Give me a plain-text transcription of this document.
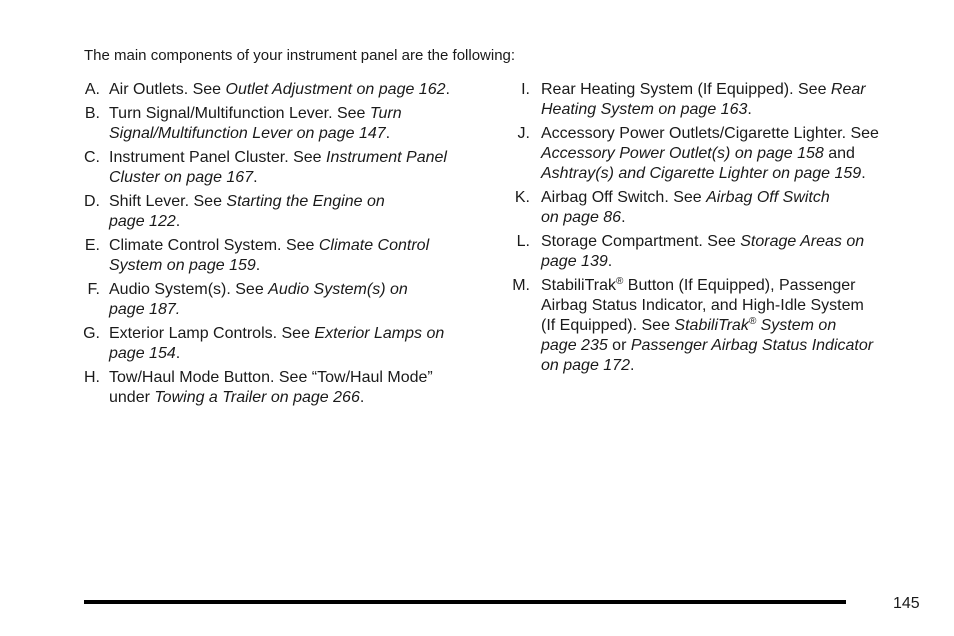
The main components of your instrument panel are the following:
A. Air Outlets. See Outlet Adjustment on page 162.
B. Turn Signal/Multifunction Lever. See Turn
Signal/Multifunction Lever on page 147.
C. Instrument Panel Cluster. See Instrument Panel
Cluster on page 167.
D. Shift Lever. See Starting the Engine on
page 122.
E. Climate Control System. See Climate Control
System on page 159.
F. Audio System(s). See Audio System(s) on
page 187.
G. Exterior Lamp Controls. See Exterior Lamps on
page 154.
H. Tow/Haul Mode Button. See “Tow/Haul Mode”
under Towing a Trailer on page 266.
I. Rear Heating System (If Equipped). See Rear
Heating System on page 163.
J. Accessory Power Outlets/Cigarette Lighter. See
Accessory Power Outlet(s) on page 158 and
Ashtray(s) and Cigarette Lighter on page 159.
K. Airbag Off Switch. See Airbag Off Switch
on page 86.
L. Storage Compartment. See Storage Areas on
page 139.
M. StabiliTrak® Button (If Equipped), Passenger
Airbag Status Indicator, and High-Idle System
(If Equipped). See StabiliTrak® System on
page 235 or Passenger Airbag Status Indicator
on page 172.
145
